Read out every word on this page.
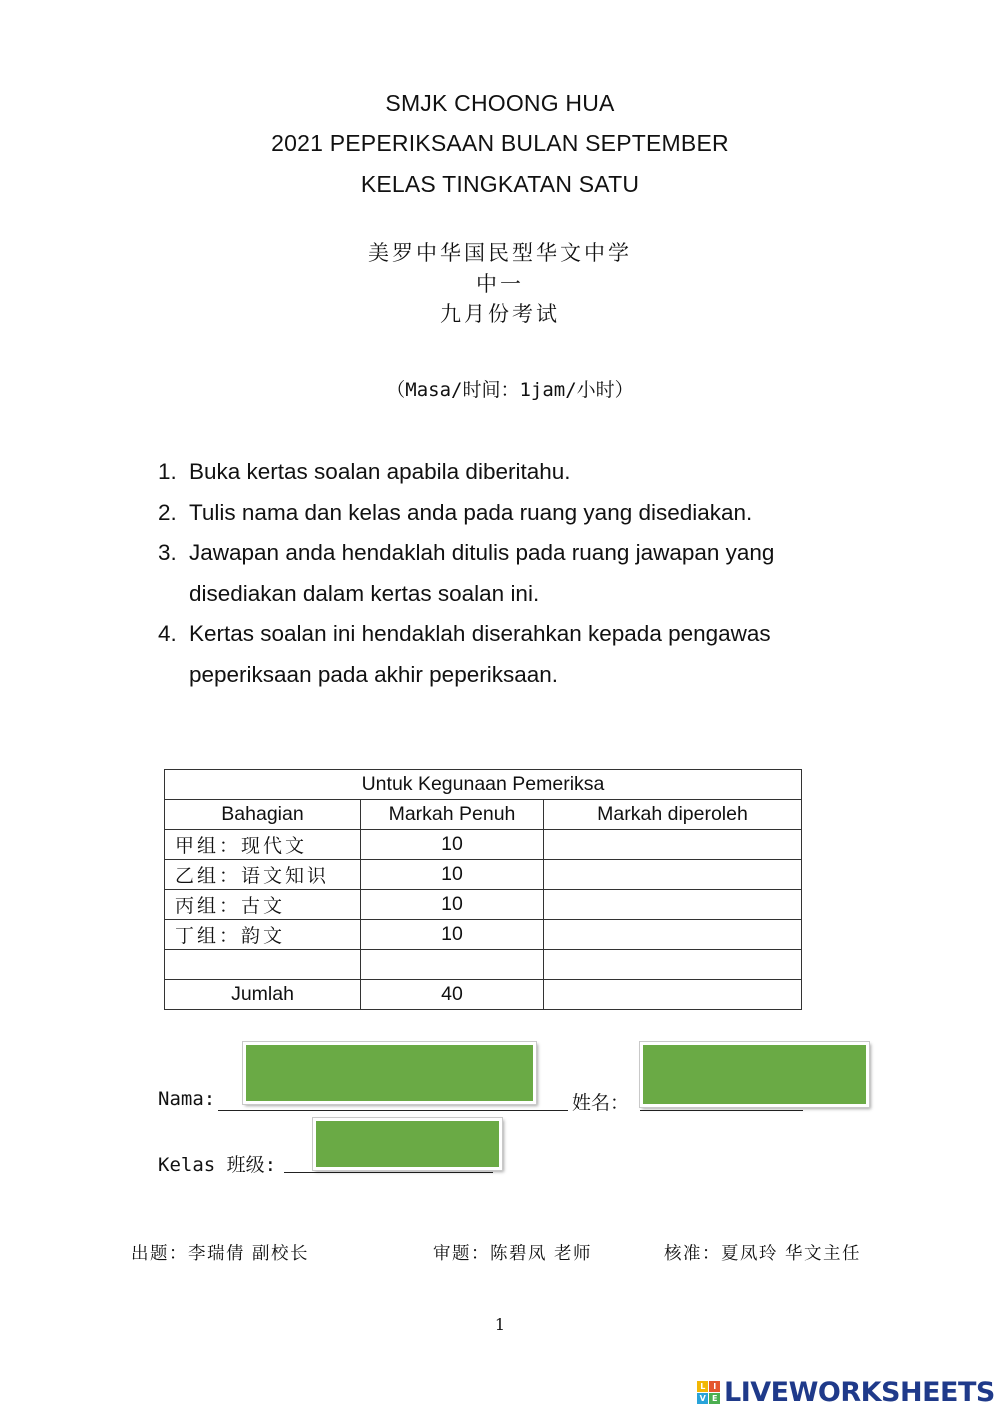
SMJK CHOONG HUA
2021 PEPERIKSAAN BULAN SEPTEMBER
KELAS TINGKATAN SATU
美罗中华国民型华文中学
中一
九月份考试
（Masa/时间：1jam/小时）
1. Buka kertas soalan apabila diberitahu.
2. Tulis nama dan kelas anda pada ruang yang disediakan.
3. Jawapan anda hendaklah ditulis pada ruang jawapan yang disediakan dalam kertas soalan ini.
4. Kertas soalan ini hendaklah diserahkan kepada pengawas peperiksaan pada akhir peperiksaan.
Untuk Kegunaan Pemeriksa		
Bahagian	Markah Penuh	Markah diperoleh
甲组：现代文	10	
乙组：语文知识	10	
丙组：古文	10	
丁组：韵文	10	

Jumlah	40	
Nama:	姓名：
Kelas 班级:
出题：李瑞倩 副校长	审题：陈碧凤 老师	核准：夏凤玲 华文主任
1
L	I
V E LIVEWORKSHEETS
